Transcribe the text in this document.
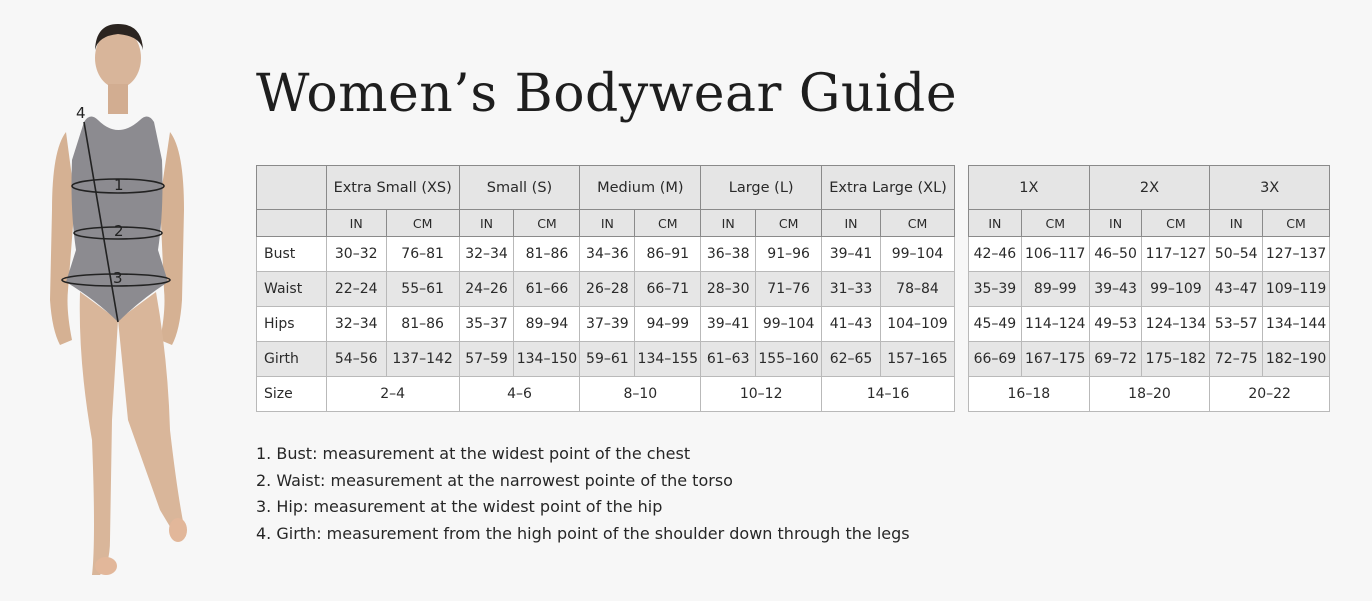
1
2
3
4	Women’s Bodywear Guide
	Extra Small (XS)		Small (S)		Medium (M)		Large (L)		Extra Large (XL)	
	IN	CM	IN	CM	IN	CM	IN	CM	IN	CM
Bust	30–32	76–81	32–34	81–86	34–36	86–91	36–38	91–96	39–41	99–104
Waist	22–24	55–61	24–26	61–66	26–28	66–71	28–30	71–76	31–33	78–84
Hips	32–34	81–86	35–37	89–94	37–39	94–99	39–41	99–104	41–43	104–109
Girth	54–56	137–142	57–59	134–150	59–61	134–155	61–63	155–160	62–65	157–165
Size	2–4		4–6		8–10		10–12		14–16	
1X		2X		3X	
IN	CM	IN	CM	IN	CM
42–46	106–117	46–50	117–127	50–54	127–137
35–39	89–99	39–43	99–109	43–47	109–119
45–49	114–124	49–53	124–134	53–57	134–144
66–69	167–175	69–72	175–182	72–75	182–190
16–18		18–20		20–22	
1. Bust: measurement at the widest point of the chest
2. Waist: measurement at the narrowest pointe of the torso
3. Hip: measurement at the widest point of the hip
4. Girth: measurement from the high point of the shoulder down through the legs
